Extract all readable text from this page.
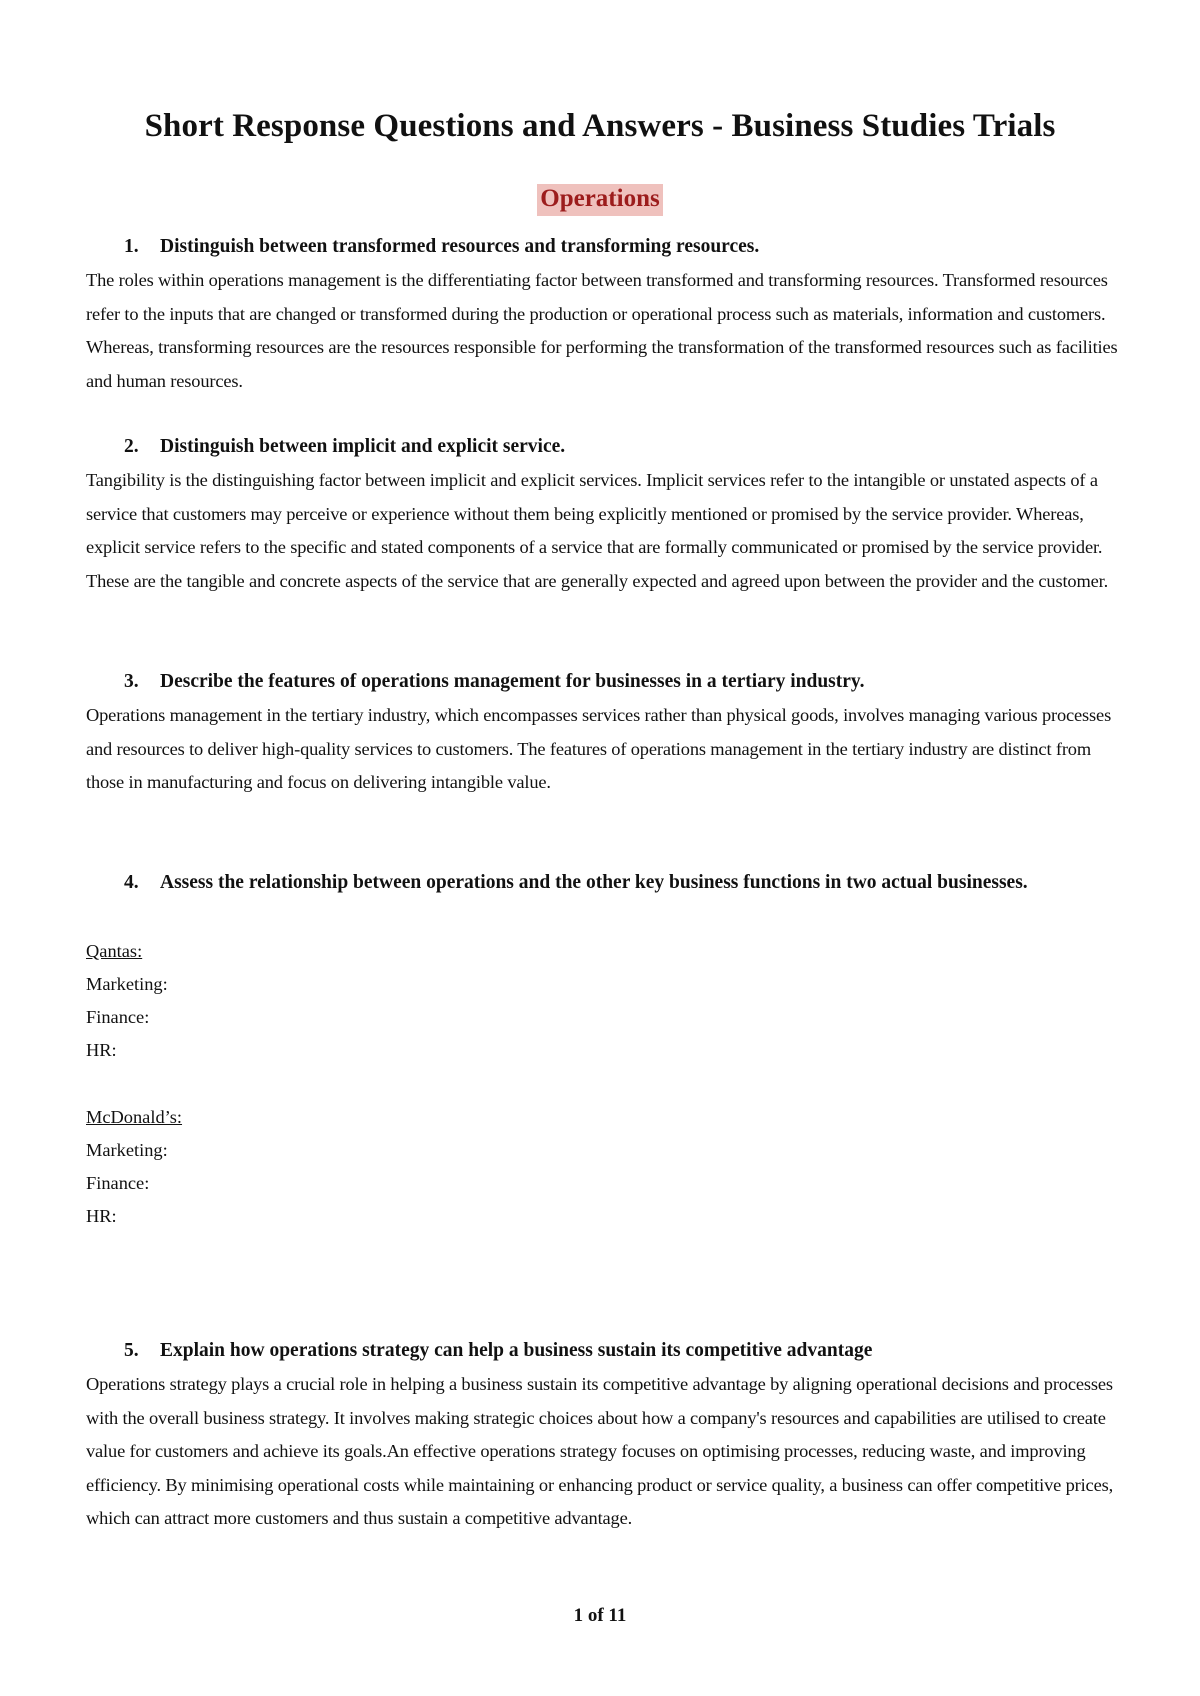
Short Response Questions and Answers - Business Studies Trials
Operations
1. Distinguish between transformed resources and transforming resources.

The roles within operations management is the differentiating factor between transformed and transforming resources. Transformed resources refer to the inputs that are changed or transformed during the production or operational process such as materials, information and customers. Whereas, transforming resources are the resources responsible for performing the transformation of the transformed resources such as facilities and human resources.

2. Distinguish between implicit and explicit service.

Tangibility is the distinguishing factor between implicit and explicit services. Implicit services refer to the intangible or unstated aspects of a service that customers may perceive or experience without them being explicitly mentioned or promised by the service provider. Whereas, explicit service refers to the specific and stated components of a service that are formally communicated or promised by the service provider. These are the tangible and concrete aspects of the service that are generally expected and agreed upon between the provider and the customer.

3. Describe the features of operations management for businesses in a tertiary industry.

Operations management in the tertiary industry, which encompasses services rather than physical goods, involves managing various processes and resources to deliver high-quality services to customers. The features of operations management in the tertiary industry are distinct from those in manufacturing and focus on delivering intangible value.

4. Assess the relationship between operations and the other key business functions in two actual businesses.
Qantas:
Marketing:
Finance:
HR:
McDonald’s:
Marketing:
Finance:
HR:
5. Explain how operations strategy can help a business sustain its competitive advantage

Operations strategy plays a crucial role in helping a business sustain its competitive advantage by aligning operational decisions and processes with the overall business strategy. It involves making strategic choices about how a company's resources and capabilities are utilised to create value for customers and achieve its goals.An effective operations strategy focuses on optimising processes, reducing waste, and improving efficiency. By minimising operational costs while maintaining or enhancing product or service quality, a business can offer competitive prices, which can attract more customers and thus sustain a competitive advantage.

1 of 11
